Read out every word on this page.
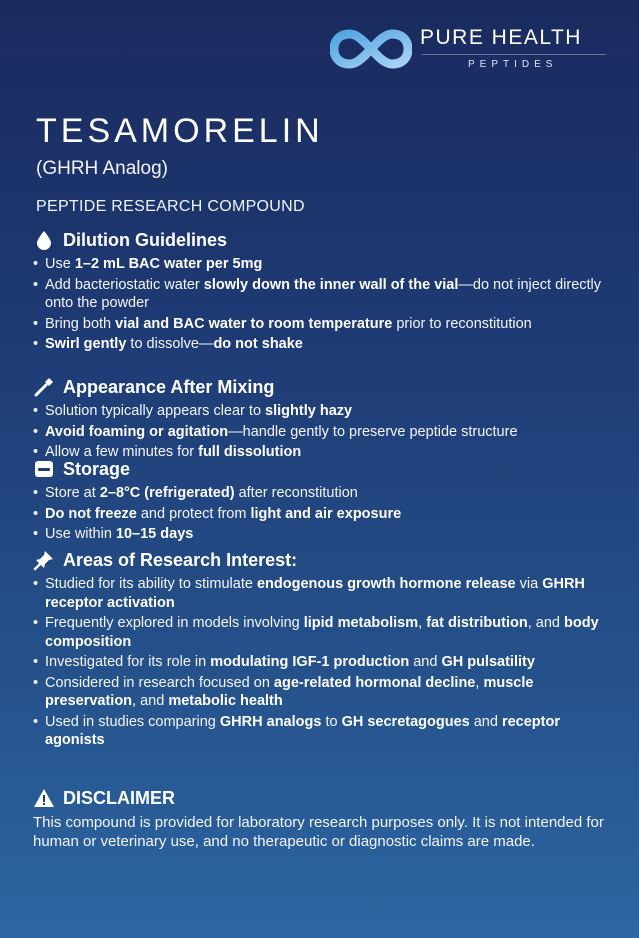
PURE HEALTH
PEPTIDES
TESAMORELIN
(GHRH Analog)
PEPTIDE RESEARCH COMPOUND
Dilution Guidelines
• Use 1–2 mL BAC water per 5mg
• Add bacteriostatic water slowly down the inner wall of the vial—do not inject directly onto the powder
• Bring both vial and BAC water to room temperature prior to reconstitution
• Swirl gently to dissolve—do not shake
Appearance After Mixing
• Solution typically appears clear to slightly hazy
• Avoid foaming or agitation—handle gently to preserve peptide structure
• Allow a few minutes for full dissolution
Storage
• Store at 2–8°C (refrigerated) after reconstitution
• Do not freeze and protect from light and air exposure
• Use within 10–15 days
Areas of Research Interest:
• Studied for its ability to stimulate endogenous growth hormone release via GHRH receptor activation
• Frequently explored in models involving lipid metabolism, fat distribution, and body composition
• Investigated for its role in modulating IGF-1 production and GH pulsatility
• Considered in research focused on age-related hormonal decline, muscle preservation, and metabolic health
• Used in studies comparing GHRH analogs to GH secretagogues and receptor agonists
DISCLAIMER
This compound is provided for laboratory research purposes only. It is not intended for human or veterinary use, and no therapeutic or diagnostic claims are made.
